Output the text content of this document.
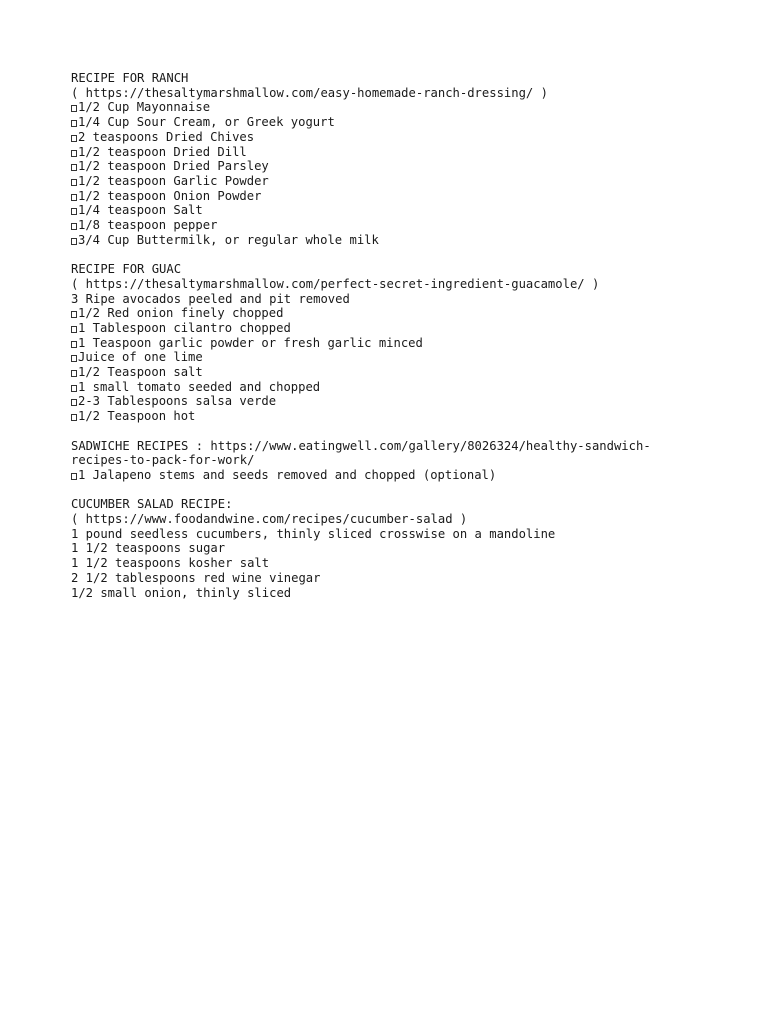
RECIPE FOR RANCH
( https://thesaltymarshmallow.com/easy-homemade-ranch-dressing/ )
1/2 Cup Mayonnaise
1/4 Cup Sour Cream, or Greek yogurt
2 teaspoons Dried Chives
1/2 teaspoon Dried Dill
1/2 teaspoon Dried Parsley
1/2 teaspoon Garlic Powder
1/2 teaspoon Onion Powder
1/4 teaspoon Salt
1/8 teaspoon pepper
3/4 Cup Buttermilk, or regular whole milk
RECIPE FOR GUAC
( https://thesaltymarshmallow.com/perfect-secret-ingredient-guacamole/ )
3 Ripe avocados peeled and pit removed
1/2 Red onion finely chopped
1 Tablespoon cilantro chopped
1 Teaspoon garlic powder or fresh garlic minced
Juice of one lime
1/2 Teaspoon salt
1 small tomato seeded and chopped
2-3 Tablespoons salsa verde
1/2 Teaspoon hot
SADWICHE RECIPES : https://www.eatingwell.com/gallery/8026324/healthy-sandwich-
recipes-to-pack-for-work/
1 Jalapeno stems and seeds removed and chopped (optional)
CUCUMBER SALAD RECIPE:
( https://www.foodandwine.com/recipes/cucumber-salad )
1 pound seedless cucumbers, thinly sliced crosswise on a mandoline
1 1/2 teaspoons sugar
1 1/2 teaspoons kosher salt
2 1/2 tablespoons red wine vinegar
1/2 small onion, thinly sliced
